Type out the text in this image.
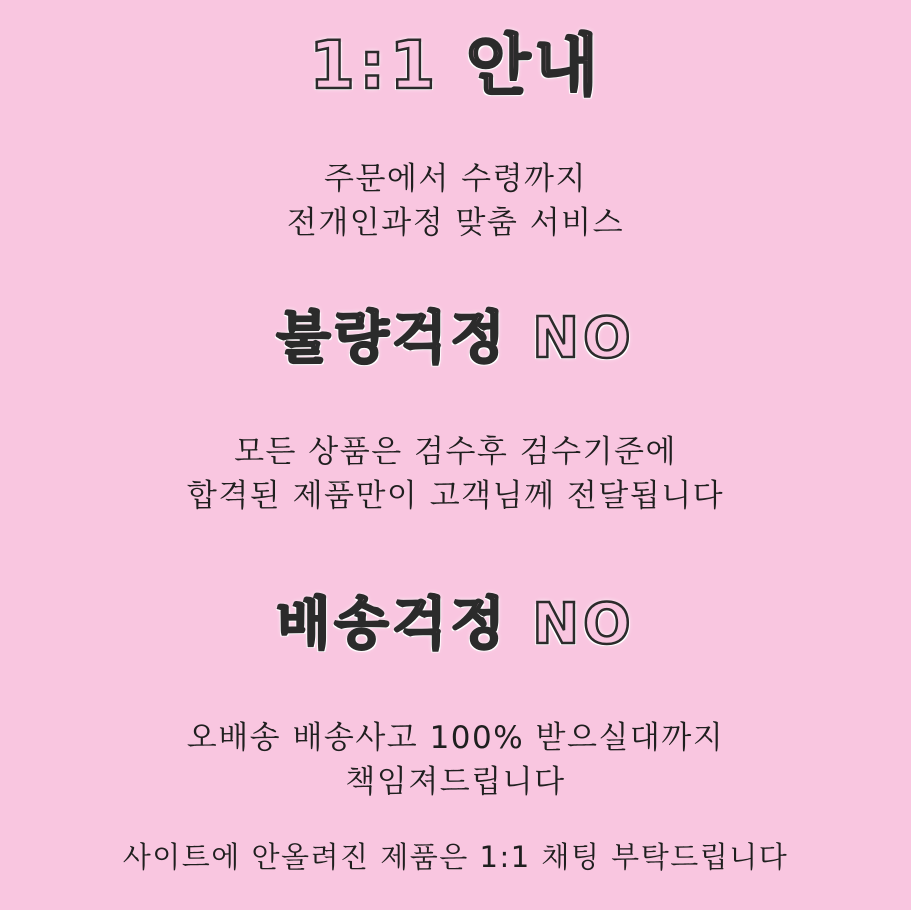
1:1 안내

주문에서 수령까지
전개인과정 맞춤 서비스

불량걱정 NO

모든 상품은 검수후 검수기준에
합격된 제품만이 고객님께 전달됩니다

배송걱정 NO

오배송 배송사고 100% 받으실대까지
책임져드립니다

사이트에 안올려진 제품은 1:1 채팅 부탁드립니다
